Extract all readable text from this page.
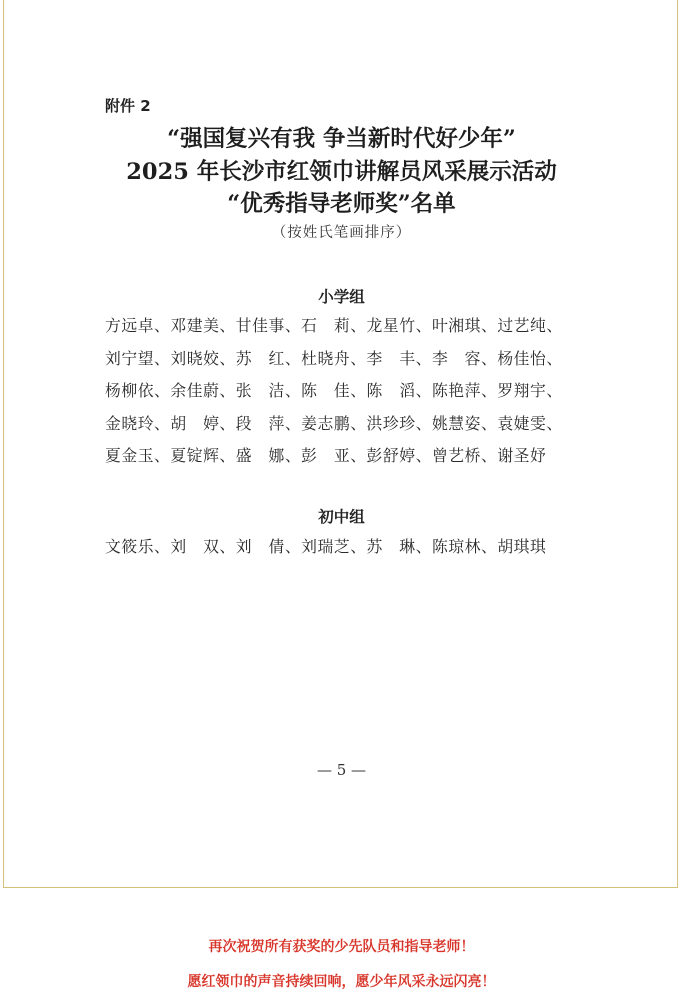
附件 2
“强国复兴有我 争当新时代好少年”
2025 年长沙市红领巾讲解员风采展示活动
“优秀指导老师奖”名单
（按姓氏笔画排序）
小学组
方远卓、邓建美、甘佳事、石　莉、龙星竹、叶湘琪、过艺纯、
刘宁望、刘晓姣、苏　红、杜晓舟、李　丰、李　容、杨佳怡、
杨柳依、余佳蔚、张　洁、陈　佳、陈　滔、陈艳萍、罗翔宇、
金晓玲、胡　婷、段　萍、姜志鹏、洪珍珍、姚慧姿、袁婕雯、
夏金玉、夏锭辉、盛　娜、彭　亚、彭舒婷、曾艺桥、谢圣妤
初中组
文筱乐、刘　双、刘　倩、刘瑞芝、苏　琳、陈琼林、胡琪琪
— 5 —
再次祝贺所有获奖的少先队员和指导老师！
愿红领巾的声音持续回响，愿少年风采永远闪亮！
